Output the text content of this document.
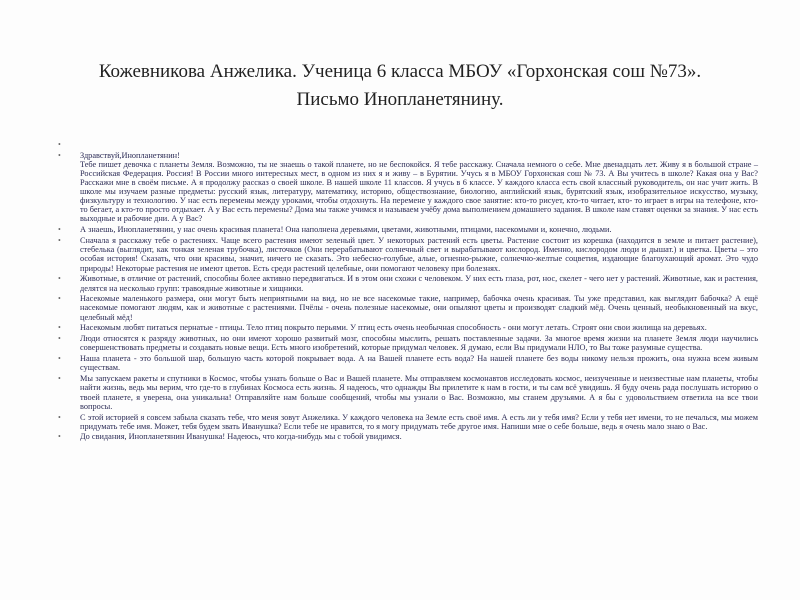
Кожевникова Анжелика. Ученица 6 класса МБОУ «Горхонская сош №73».
Письмо Инопланетянину.
•
•	Здравствуй,Инопланетянин!
Тебе пишет девочка с планеты Земля. Возможно, ты не знаешь о такой планете, но не беспокойся. Я тебе расскажу. Сначала немного о себе. Мне двенадцать лет. Живу я в большой стране – Российская Федерация. Россия! В России много интересных мест, в одном из них я и живу – в Бурятии. Учусь я в МБОУ Горхонская сош № 73. А Вы учитесь в школе? Какая она у Вас? Расскажи мне в своём письме. А я продолжу рассказ о своей школе. В нашей школе 11 классов. Я учусь в 6 классе. У каждого класса есть свой классный руководитель, он нас учит жить. В школе мы изучаем разные предметы: русский язык, литературу, математику, историю, обществознание, биологию, английский язык, бурятский язык, изобразительное искусство, музыку, физкультуру и технологию. У нас есть перемены между уроками, чтобы отдохнуть. На перемене у каждого свое занятие: кто-то рисует, кто-то читает, кто- то играет в игры на телефоне, кто- то бегает, а кто-то просто отдыхает. А у Вас есть перемены? Дома мы также учимся и называем учёбу дома выполнением домашнего задания. В школе нам ставят оценки за знания. У нас есть выходные и рабочие дни. А у Вас?
•	А знаешь, Инопланетянин, у нас очень красивая планета! Она наполнена деревьями, цветами, животными, птицами, насекомыми и, конечно, людьми.
•	Сначала я расскажу тебе о растениях. Чаще всего растения имеют зеленый цвет. У некоторых растений есть цветы. Растение состоит из корешка (находится в земле и питает растение), стебелька (выглядит, как тонкая зеленая трубочка), листочков (Они перерабатывают солнечный свет и вырабатывают кислород. Именно, кислородом люди и дышат.) и цветка. Цветы – это особая история! Сказать, что они красивы, значит, ничего не сказать. Это небесно-голубые, алые, огненно-рыжие, солнечно-желтые соцветия, издающие благоухающий аромат. Это чудо природы! Некоторые растения не имеют цветов. Есть среди растений целебные, они помогают человеку при болезнях.
•	Животные, в отличие от растений, способны более активно передвигаться. И в этом они схожи с человеком. У них есть глаза, рот, нос, скелет - чего нет у растений. Животные, как и растения, делятся на несколько групп: травоядные животные и хищники.
•	Насекомые маленького размера, они могут быть неприятными на вид, но не все насекомые такие, например, бабочка очень красивая. Ты уже представил, как выглядит бабочка? А ещё насекомые помогают людям, как и животные с растениями. Пчёлы - очень полезные насекомые, они опыляют цветы и производят сладкий мёд. Очень ценный, необыкновенный на вкус, целебный мёд!
•	Насекомым любят питаться пернатые - птицы. Тело птиц покрыто перьями. У птиц есть очень необычная способность - они могут летать. Строят они свои жилища на деревьях.
•	Люди относятся к разряду животных, но они имеют хорошо развитый мозг, способны мыслить, решать поставленные задачи. За многое время жизни на планете Земля люди научились совершенствовать предметы и создавать новые вещи. Есть много изобретений, которые придумал человек. Я думаю, если Вы придумали НЛО, то Вы тоже разумные существа.
•	Наша планета - это большой шар, большую часть которой покрывает вода. А на Вашей планете есть вода? На нашей планете без воды никому нельзя прожить, она нужна всем живым существам.
•	Мы запускаем ракеты и спутники в Космос, чтобы узнать больше о Вас и Вашей планете. Мы отправляем космонавтов исследовать космос, неизученные и неизвестные нам планеты, чтобы найти жизнь, ведь мы верим, что где-то в глубинах Космоса есть жизнь. Я надеюсь, что однажды Вы прилетите к нам в гости, и ты сам всё увидишь. Я буду очень рада послушать историю о твоей планете, я уверена, она уникальна! Отправляйте нам больше сообщений, чтобы мы узнали о Вас. Возможно, мы станем друзьями. А я бы с удовольствием ответила на все твои вопросы.
•	С этой историей я совсем забыла сказать тебе, что меня зовут Анжелика. У каждого человека на Земле есть своё имя. А есть ли у тебя имя? Если у тебя нет имени, то не печалься, мы можем придумать тебе имя. Может, тебя будем звать Иванушка? Если тебе не нравится, то я могу придумать тебе другое имя. Напиши мне о себе больше, ведь я очень мало знаю о Вас.
•	До свидания, Инопланетянин Иванушка! Надеюсь, что когда-нибудь мы с тобой увидимся.
